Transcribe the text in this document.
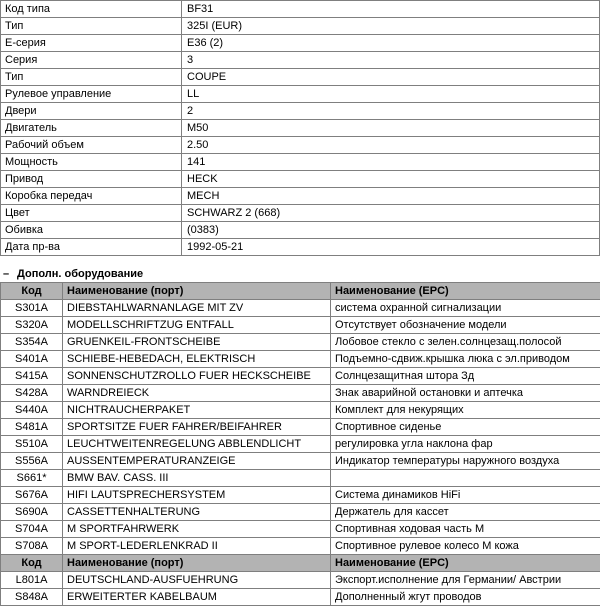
Код типа	BF31
Тип	325I (EUR)
Е-серия	E36 (2)
Серия	3
Тип	COUPE
Рулевое управление	LL
Двери	2
Двигатель	M50
Рабочий объем	2.50
Мощность	141
Привод	HECK
Коробка передач	MECH
Цвет	SCHWARZ 2 (668)
Обивка	(0383)
Дата пр-ва	1992-05-21
– Дополн. оборудование
Код	Наименование (порт)	Наименование (EPC)
S301A	DIEBSTAHLWARNANLAGE MIT ZV	система охранной сигнализации
S320A	MODELLSCHRIFTZUG ENTFALL	Отсутствует обозначение модели
S354A	GRUENKEIL-FRONTSCHEIBE	Лобовое стекло с зелен.солнцезащ.полосой
S401A	SCHIEBE-HEBEDACH, ELEKTRISCH	Подъемно-сдвиж.крышка люка с эл.приводом
S415A	SONNENSCHUTZROLLO FUER HECKSCHEIBE	Солнцезащитная штора Зд
S428A	WARNDREIECK	Знак аварийной остановки и аптечка
S440A	NICHTRAUCHERPAKET	Комплект для некурящих
S481A	SPORTSITZE FUER FAHRER/BEIFAHRER	Спортивное сиденье
S510A	LEUCHTWEITENREGELUNG ABBLENDLICHT	регулировка угла наклона фар
S556A	AUSSENTEMPERATURANZEIGE	Индикатор температуры наружного воздуха
S661*	BMW BAV. CASS. III	
S676A	HIFI LAUTSPRECHERSYSTEM	Система динамиков HiFi
S690A	CASSETTENHALTERUNG	Держатель для кассет
S704A	M SPORTFAHRWERK	Спортивная ходовая часть M
S708A	M SPORT-LEDERLENKRAD II	Спортивное рулевое колесо M кожа
Код	Наименование (порт)	Наименование (EPC)
L801A	DEUTSCHLAND-AUSFUEHRUNG	Экспорт.исполнение для Германии/ Австрии
S848A	ERWEITERTER KABELBAUM	Дополненный жгут проводов
